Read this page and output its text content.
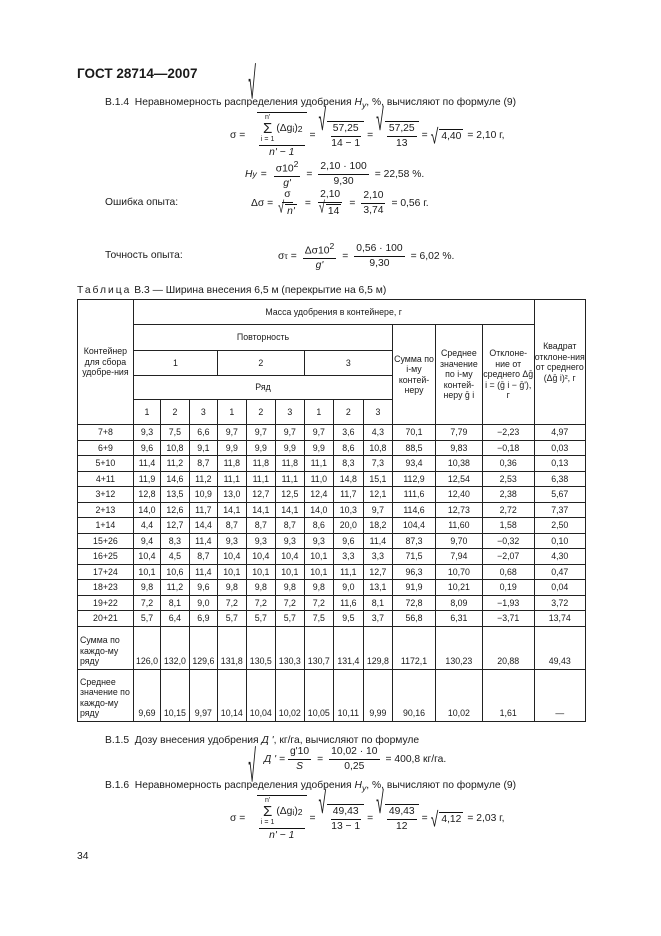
ГОСТ 28714—2007
В.1.4 Неравномерность распределения удобрения $H_y$, %, вычисляют по формуле (9)
σ =
√
n'
Σ
i = 1
(Δg i ) 2
n' − 1 = √ $\frac{57,25}{14 - 1}$ = √ $\frac{57,25}{13}$ = √ 4,40 = 2,10 г,
H $y = \frac{\sigma 10^2}{g'} = \frac{2,10 \cdot 100}{9,30} = 22,58$ %.
Ошибка опыта:	$\Delta\sigma = \frac{\sigma}{√ n'} = \frac{2,10}{√ 14} = \frac{2,10}{3,74} = 0,56$ г.
Точность опыта:	σ $\tau = \frac{\Delta\sigma 10^2}{g'} = \frac{0,56 \cdot 100}{9,30} = 6,02$ %.
Таблица В.3 — Ширина внесения 6,5 м (перекрытие на 6,5 м)
Контейнер для сбора удобре-ния	Масса удобрения в контейнере, г												Квадрат отклоне-ния от среднего (Δḡ i)², г
	Повторность									Сумма по i-му контей-неру	Среднее значение по i-му контей-неру ḡ i	Отклоне-ние от среднего Δḡ i = (ḡ i − ḡ'), г	
	1			2			3						
	Ряд												
	1	2	3	1	2	3	1	2	3				
7+8	9,3	7,5	6,6	9,7	9,7	9,7	9,7	3,6	4,3	70,1	7,79	−2,23	4,97
6+9	9,6	10,8	9,1	9,9	9,9	9,9	9,9	8,6	10,8	88,5	9,83	−0,18	0,03
5+10	11,4	11,2	8,7	11,8	11,8	11,8	11,1	8,3	7,3	93,4	10,38	0,36	0,13
4+11	11,9	14,6	11,2	11,1	11,1	11,1	11,0	14,8	15,1	112,9	12,54	2,53	6,38
3+12	12,8	13,5	10,9	13,0	12,7	12,5	12,4	11,7	12,1	111,6	12,40	2,38	5,67
2+13	14,0	12,6	11,7	14,1	14,1	14,1	14,0	10,3	9,7	114,6	12,73	2,72	7,37
1+14	4,4	12,7	14,4	8,7	8,7	8,7	8,6	20,0	18,2	104,4	11,60	1,58	2,50
15+26	9,4	8,3	11,4	9,3	9,3	9,3	9,3	9,6	11,4	87,3	9,70	−0,32	0,10
16+25	10,4	4,5	8,7	10,4	10,4	10,4	10,1	3,3	3,3	71,5	7,94	−2,07	4,30
17+24	10,1	10,6	11,4	10,1	10,1	10,1	10,1	11,1	12,7	96,3	10,70	0,68	0,47
18+23	9,8	11,2	9,6	9,8	9,8	9,8	9,8	9,0	13,1	91,9	10,21	0,19	0,04
19+22	7,2	8,1	9,0	7,2	7,2	7,2	7,2	11,6	8,1	72,8	8,09	−1,93	3,72
20+21	5,7	6,4	6,9	5,7	5,7	5,7	7,5	9,5	3,7	56,8	6,31	−3,71	13,74
Сумма по каждо-му ряду	126,0	132,0	129,6	131,8	130,5	130,3	130,7	131,4	129,8	1172,1	130,23	20,88	49,43
Среднее значение по каждо-му ряду	9,69	10,15	9,97	10,14	10,04	10,02	10,05	10,11	9,99	90,16	10,02	1,61	—
В.1.5 Дозу внесения удобрения Д ', кг/га, вычисляют по формуле
Д ' = $\frac{g'10}{S} = \frac{10,02 \cdot 10}{0,25} = 400,8$ кг/га.
В.1.6 Неравномерность распределения удобрения $H_y$, %, вычисляют по формуле (9)
σ =
√
n'
Σ
i = 1
(Δg i ) 2
n' − 1 = √ $\frac{49,43}{13 - 1}$ = √ $\frac{49,43}{12}$ = √ 4,12 = 2,03 г,
34
